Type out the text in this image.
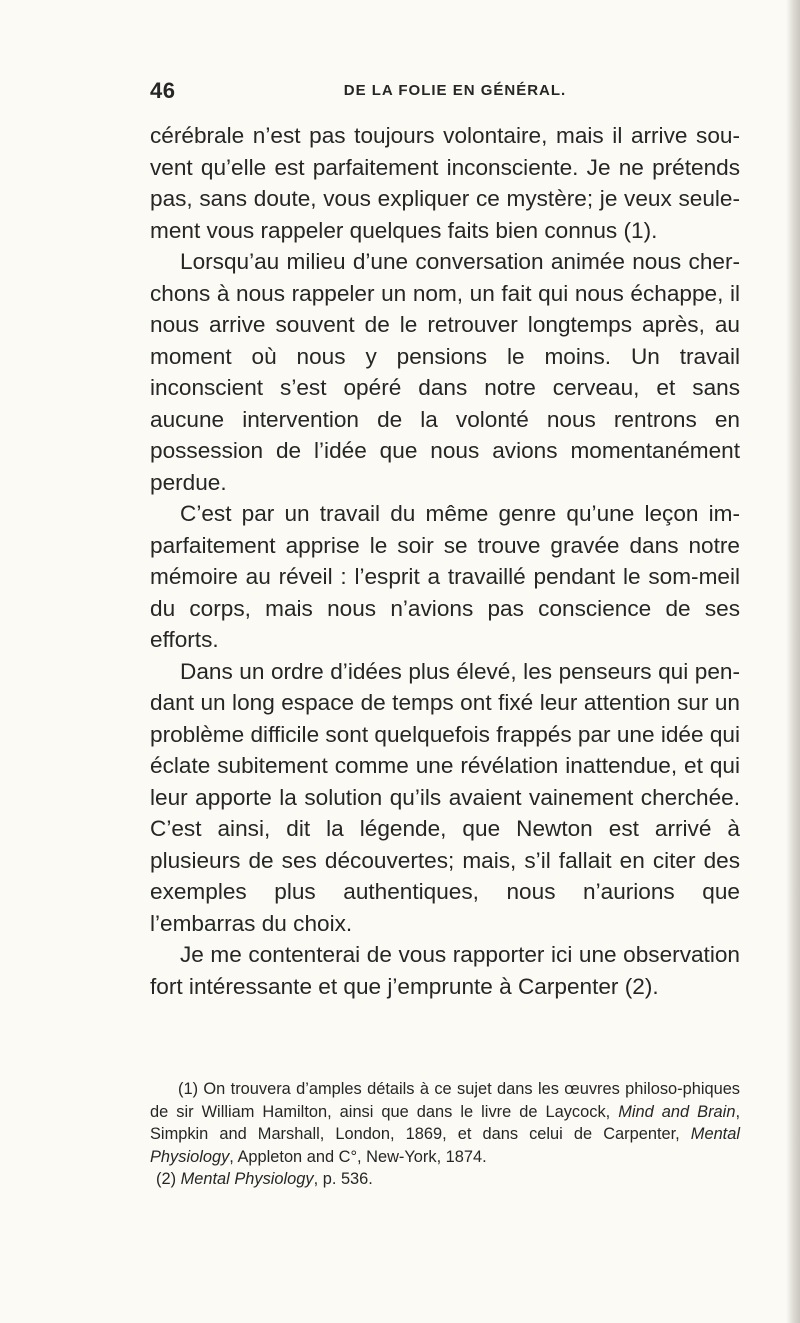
46	DE LA FOLIE EN GÉNÉRAL.

cérébrale n’est pas toujours volontaire, mais il arrive sou-vent qu’elle est parfaitement inconsciente. Je ne prétends pas, sans doute, vous expliquer ce mystère; je veux seule-ment vous rappeler quelques faits bien connus (1).

Lorsqu’au milieu d’une conversation animée nous cher-chons à nous rappeler un nom, un fait qui nous échappe, il nous arrive souvent de le retrouver longtemps après, au moment où nous y pensions le moins. Un travail inconscient s’est opéré dans notre cerveau, et sans aucune intervention de la volonté nous rentrons en possession de l’idée que nous avions momentanément perdue.

C’est par un travail du même genre qu’une leçon im-parfaitement apprise le soir se trouve gravée dans notre mémoire au réveil : l’esprit a travaillé pendant le som-meil du corps, mais nous n’avions pas conscience de ses efforts.

Dans un ordre d’idées plus élevé, les penseurs qui pen-dant un long espace de temps ont fixé leur attention sur un problème difficile sont quelquefois frappés par une idée qui éclate subitement comme une révélation inattendue, et qui leur apporte la solution qu’ils avaient vainement cherchée. C’est ainsi, dit la légende, que Newton est arrivé à plusieurs de ses découvertes; mais, s’il fallait en citer des exemples plus authentiques, nous n’aurions que l’embarras du choix.

Je me contenterai de vous rapporter ici une observation fort intéressante et que j’emprunte à Carpenter (2).

(1) On trouvera d’amples détails à ce sujet dans les œuvres philoso-phiques de sir William Hamilton, ainsi que dans le livre de Laycock, Mind and Brain, Simpkin and Marshall, London, 1869, et dans celui de Carpenter, Mental Physiology, Appleton and C°, New-York, 1874.

(2) Mental Physiology, p. 536.
